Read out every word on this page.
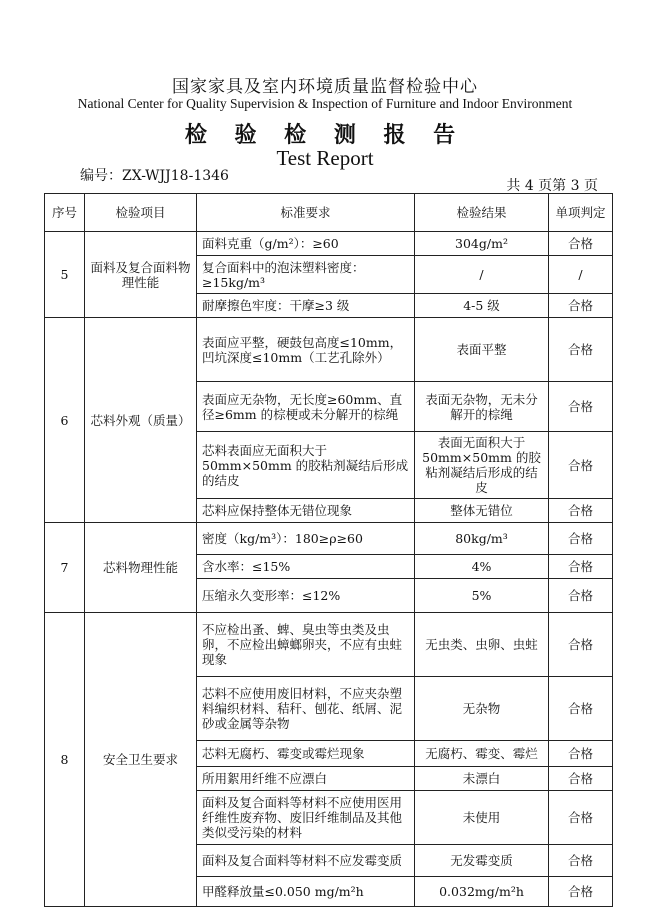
国家家具及室内环境质量监督检验中心
National Center for Quality Supervision & Inspection of Furniture and Indoor Environment
检 验 检 测 报 告
Test Report
编号：ZX-WJJ18-1346
共 4 页第 3 页
序号	检验项目	标准要求	检验结果	单项判定
5	面料及复合面料物理性能	面料克重（g/m²）：≥60	304g/m²	合格
		复合面料中的泡沫塑料密度：≥15kg/m³	/	/
		耐摩擦色牢度：干摩≥3 级	4-5 级	合格
6	芯料外观（质量）	表面应平整，硬鼓包高度≤10mm，凹坑深度≤10mm（工艺孔除外）	表面平整	合格
		表面应无杂物，无长度≥60mm、直径≥6mm 的棕梗或未分解开的棕绳	表面无杂物，无未分解开的棕绳	合格
		芯料表面应无面积大于 50mm×50mm 的胶粘剂凝结后形成的结皮	表面无面积大于50mm×50mm 的胶粘剂凝结后形成的结皮	合格
		芯料应保持整体无错位现象	整体无错位	合格
7	芯料物理性能	密度（kg/m³）：180≥ρ≥60	80kg/m³	合格
		含水率：≤15%	4%	合格
		压缩永久变形率：≤12%	5%	合格
8	安全卫生要求	不应检出蚤、蜱、臭虫等虫类及虫卵，不应检出蟑螂卵夹，不应有虫蛀现象	无虫类、虫卵、虫蛀	合格
		芯料不应使用废旧材料，不应夹杂塑料编织材料、秸秆、刨花、纸屑、泥砂或金属等杂物	无杂物	合格
		芯料无腐朽、霉变或霉烂现象	无腐朽、霉变、霉烂	合格
		所用絮用纤维不应漂白	未漂白	合格
		面料及复合面料等材料不应使用医用纤维性废弃物、废旧纤维制品及其他类似受污染的材料	未使用	合格
		面料及复合面料等材料不应发霉变质	无发霉变质	合格
		甲醛释放量≤0.050 mg/m²h	0.032mg/m²h	合格
